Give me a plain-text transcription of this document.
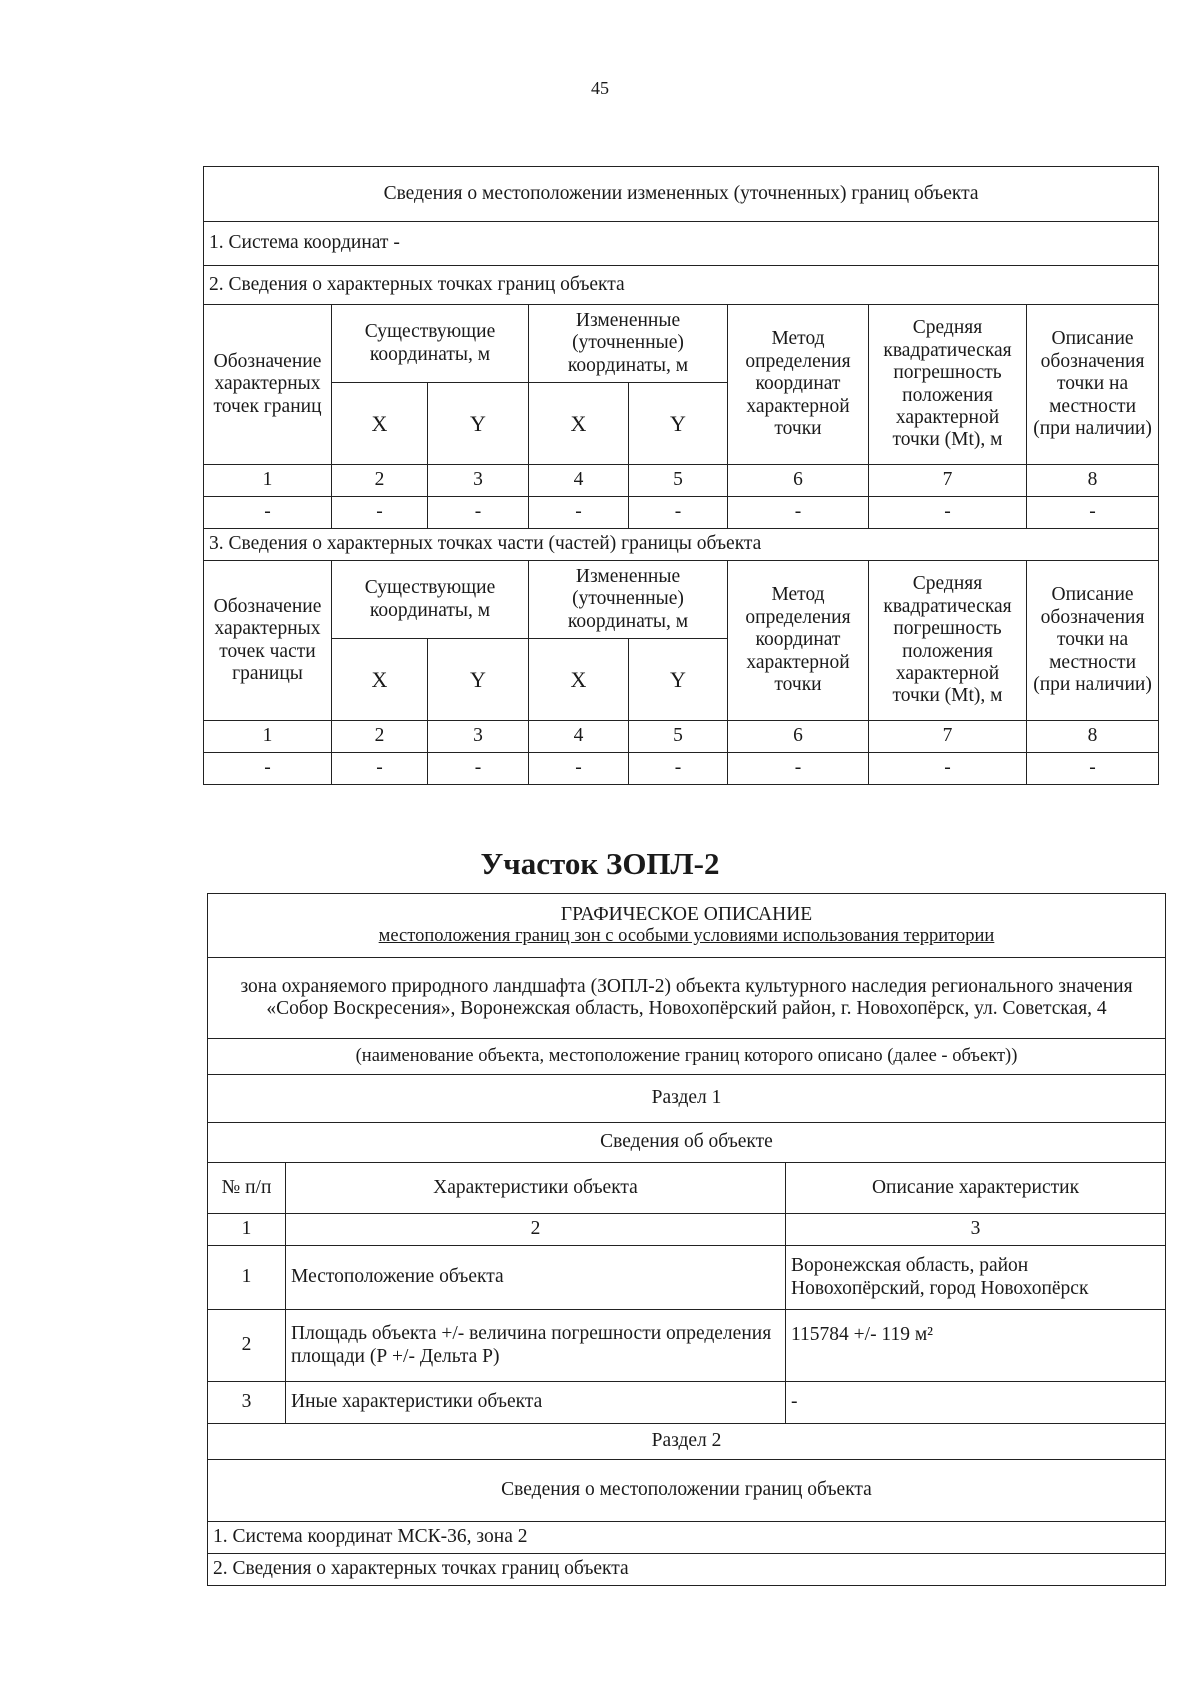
45
Сведения о местоположении измененных (уточненных) границ объекта							
1. Система координат -							
2. Сведения о характерных точках границ объекта							
Обозначение характерных точек границ	Существующие координаты, м		Измененные (уточненные) координаты, м		Метод определения координат характерной точки	Средняя квадратическая погрешность положения характерной точки (Mt), м	Описание обозначения точки на местности (при наличии)
	X	Y	X	Y			
1	2	3	4	5	6	7	8
-	-	-	-	-	-	-	-
3. Сведения о характерных точках части (частей) границы объекта							
Обозначение характерных точек части границы	Существующие координаты, м		Измененные (уточненные) координаты, м		Метод определения координат характерной точки	Средняя квадратическая погрешность положения характерной точки (Mt), м	Описание обозначения точки на местности (при наличии)
	X	Y	X	Y			
1	2	3	4	5	6	7	8
-	-	-	-	-	-	-	-
Участок ЗОПЛ-2
ГРАФИЧЕСКОЕ ОПИСАНИЕ
местоположения границ зон с особыми условиями использования территории		

зона охраняемого природного ландшафта (ЗОПЛ-2) объекта культурного наследия регионального значения «Собор Воскресения», Воронежская область, Новохопёрский район, г. Новохопёрск, ул. Советская, 4		
(наименование объекта, местоположение границ которого описано (далее - объект))		
Раздел 1		
Сведения об объекте		
№ п/п	Характеристики объекта	Описание характеристик
1	2	3
1	Местоположение объекта	Воронежская область, район Новохопёрский, город Новохопёрск
2	Площадь объекта +/- величина погрешности определения площади (Р +/- Дельта Р)	115784 +/- 119 м²
3	Иные характеристики объекта	-
Раздел 2		
Сведения о местоположении границ объекта		
1. Система координат МСК-36, зона 2		
2. Сведения о характерных точках границ объекта		
